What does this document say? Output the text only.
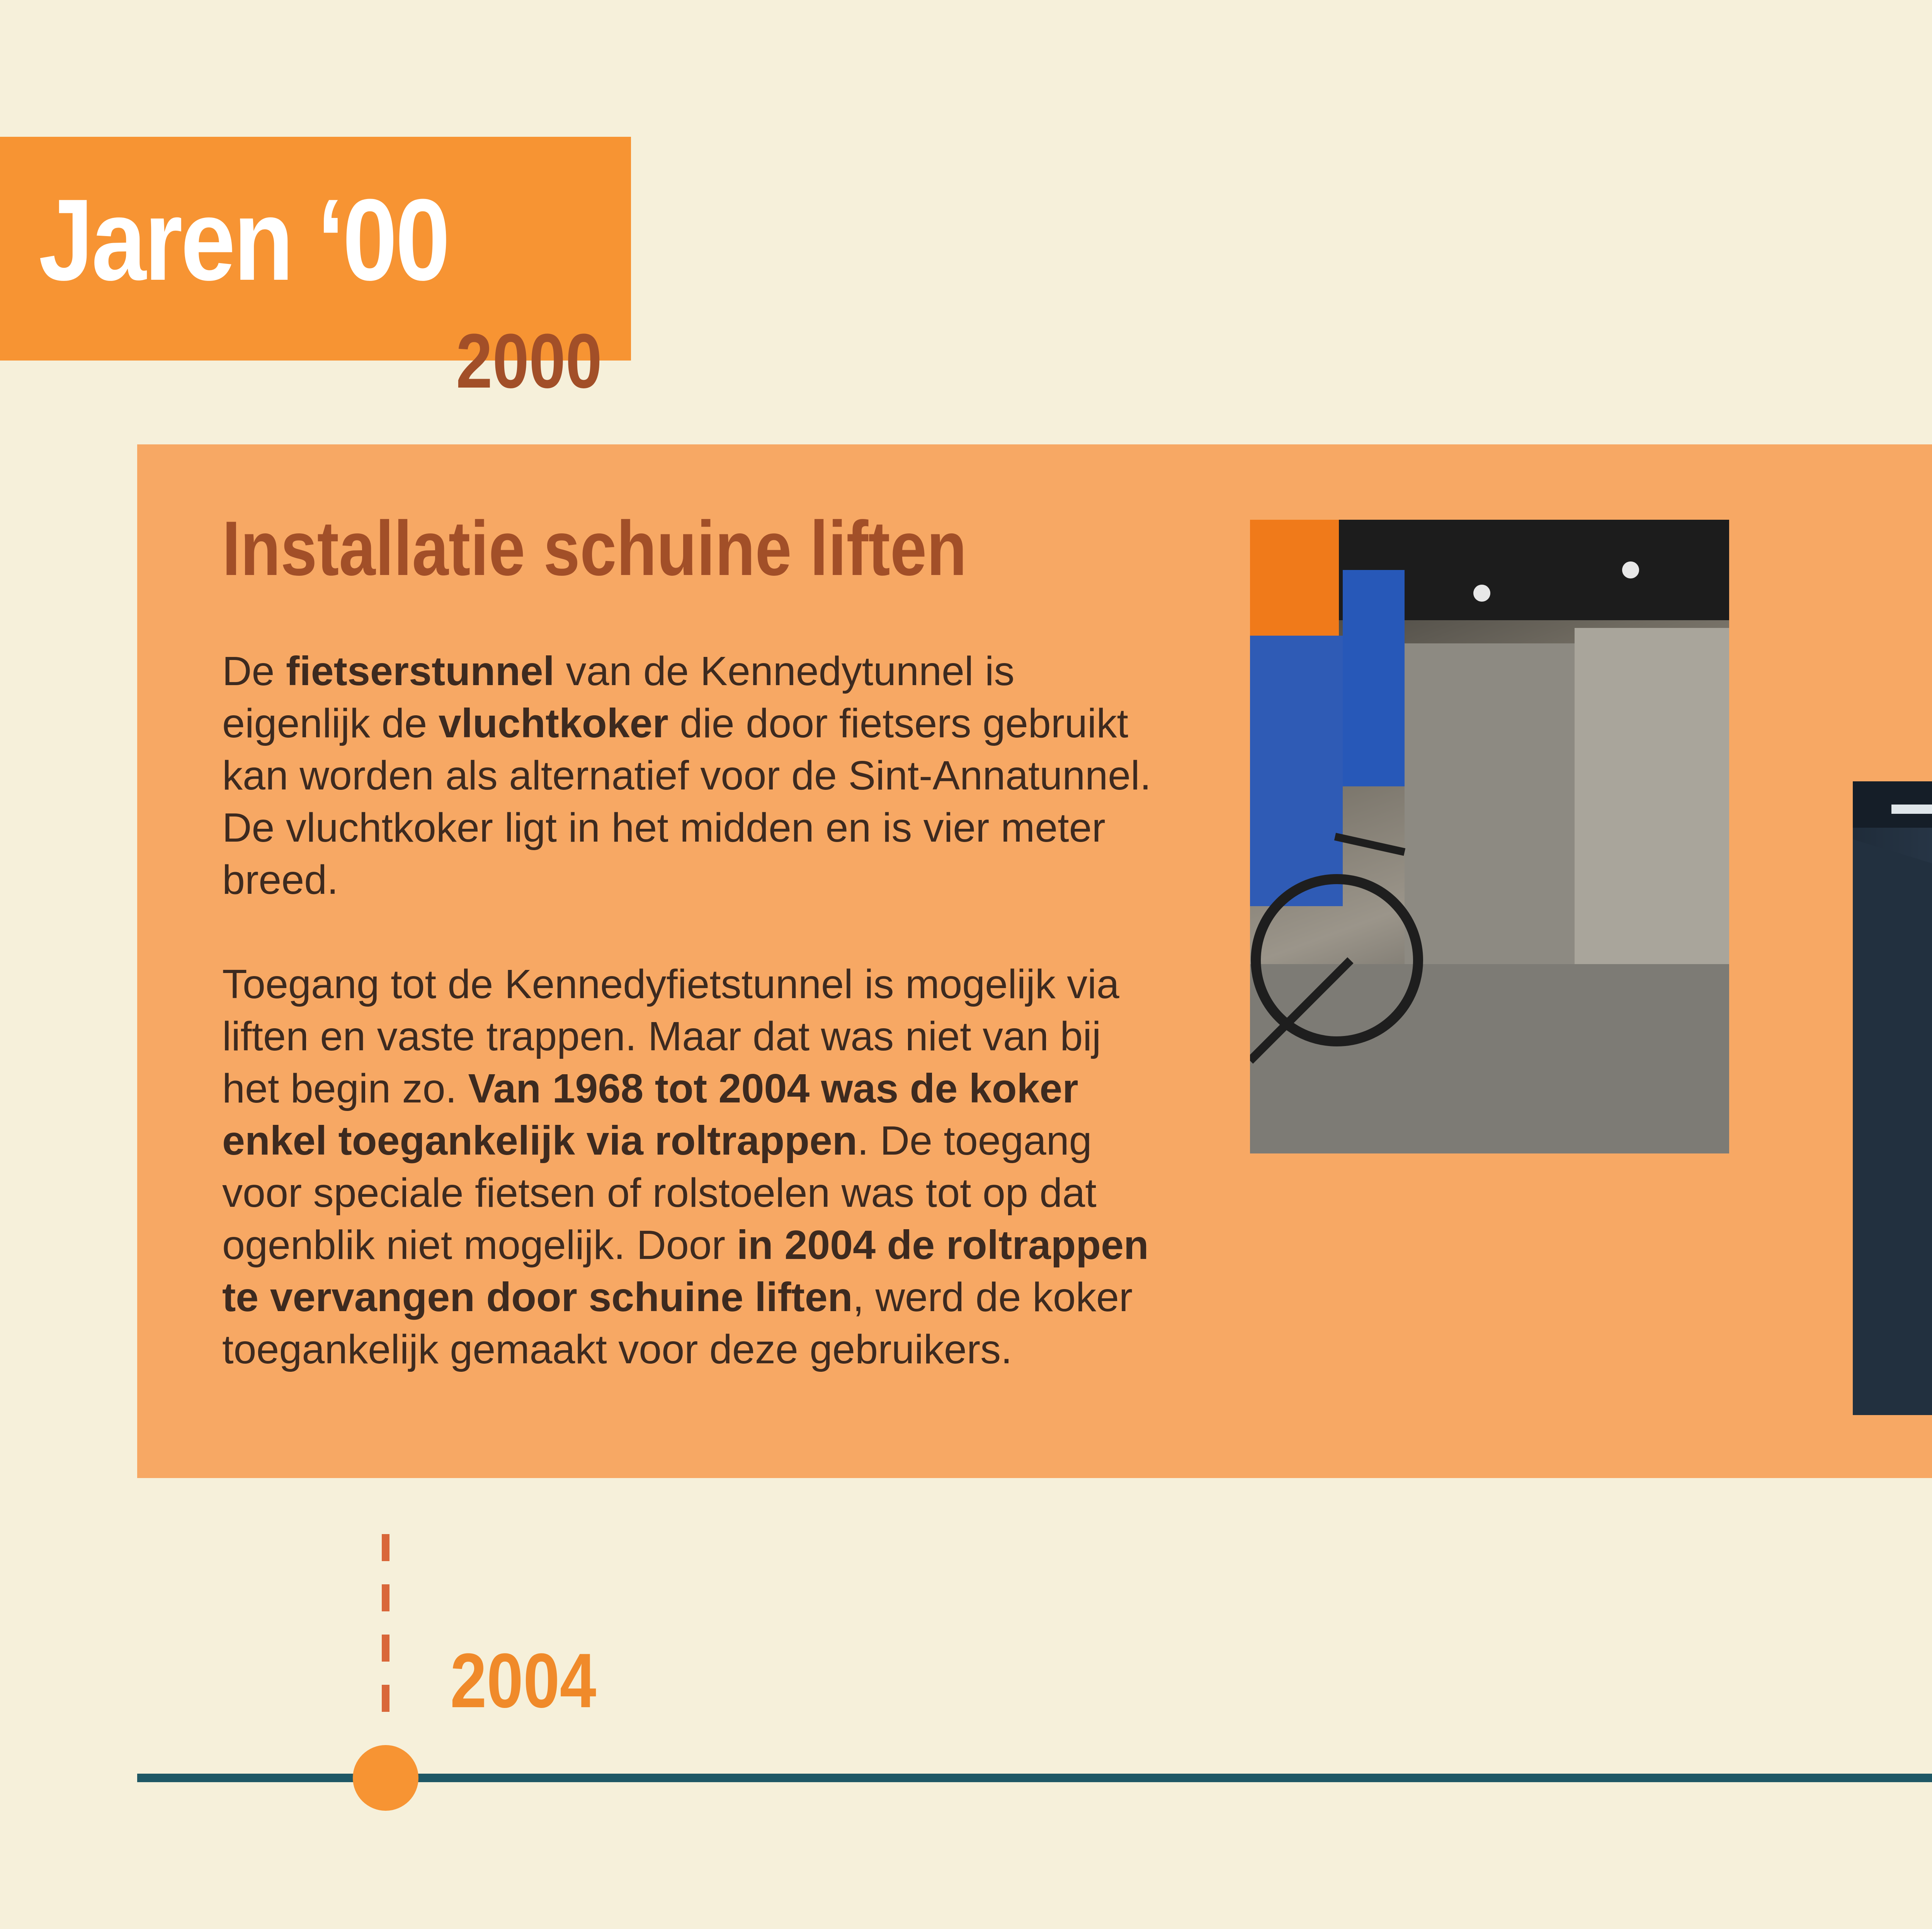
Jaren ‘00
2000
Installatie schuine liften
De fietserstunnel van de Kennedytunnel is eigenlijk de vluchtkoker die door fietsers gebruikt kan worden als alternatief voor de Sint-Annatunnel. De vluchtkoker ligt in het midden en is vier meter breed.
Toegang tot de Kennedyfietstunnel is mogelijk via liften en vaste trappen. Maar dat was niet van bij het begin zo. Van 1968 tot 2004 was de koker enkel toegankelijk via roltrappen. De toegang voor speciale fietsen of rolstoelen was tot op dat ogenblik niet mogelijk. Door in 2004 de roltrappen te vervangen door schuine liften, werd de koker toegankelijk gemaakt voor deze gebruikers.
2004
